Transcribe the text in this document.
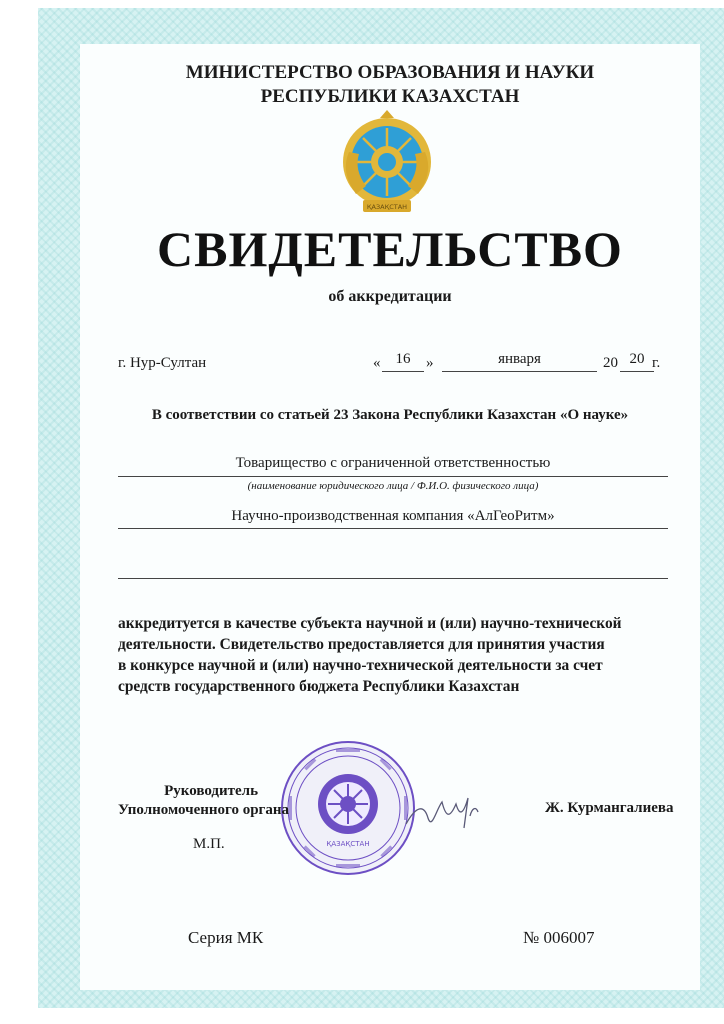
МИНИСТЕРСТВО ОБРАЗОВАНИЯ И НАУКИ
РЕСПУБЛИКИ КАЗАХСТАН
ҚАЗАҚСТАН
СВИДЕТЕЛЬСТВО
об аккредитации
г. Нур-Султан	«	16	»	января	20 20 г.
В соответствии со статьей 23 Закона Республики Казахстан «О науке»
Товарищество с ограниченной ответственностью
(наименование юридического лица / Ф.И.О. физического лица)
Научно-производственная компания «АлГеоРитм»
аккредитуется в качестве субъекта научной и (или) научно-технической
деятельности. Свидетельство предоставляется для принятия участия
в конкурсе научной и (или) научно-технической деятельности за счет
средств государственного бюджета Республики Казахстан
ҚАЗАҚСТАН
Руководитель
Уполномоченного органа
М.П.
Ж. Курмангалиева
Серия МК	№ 006007
